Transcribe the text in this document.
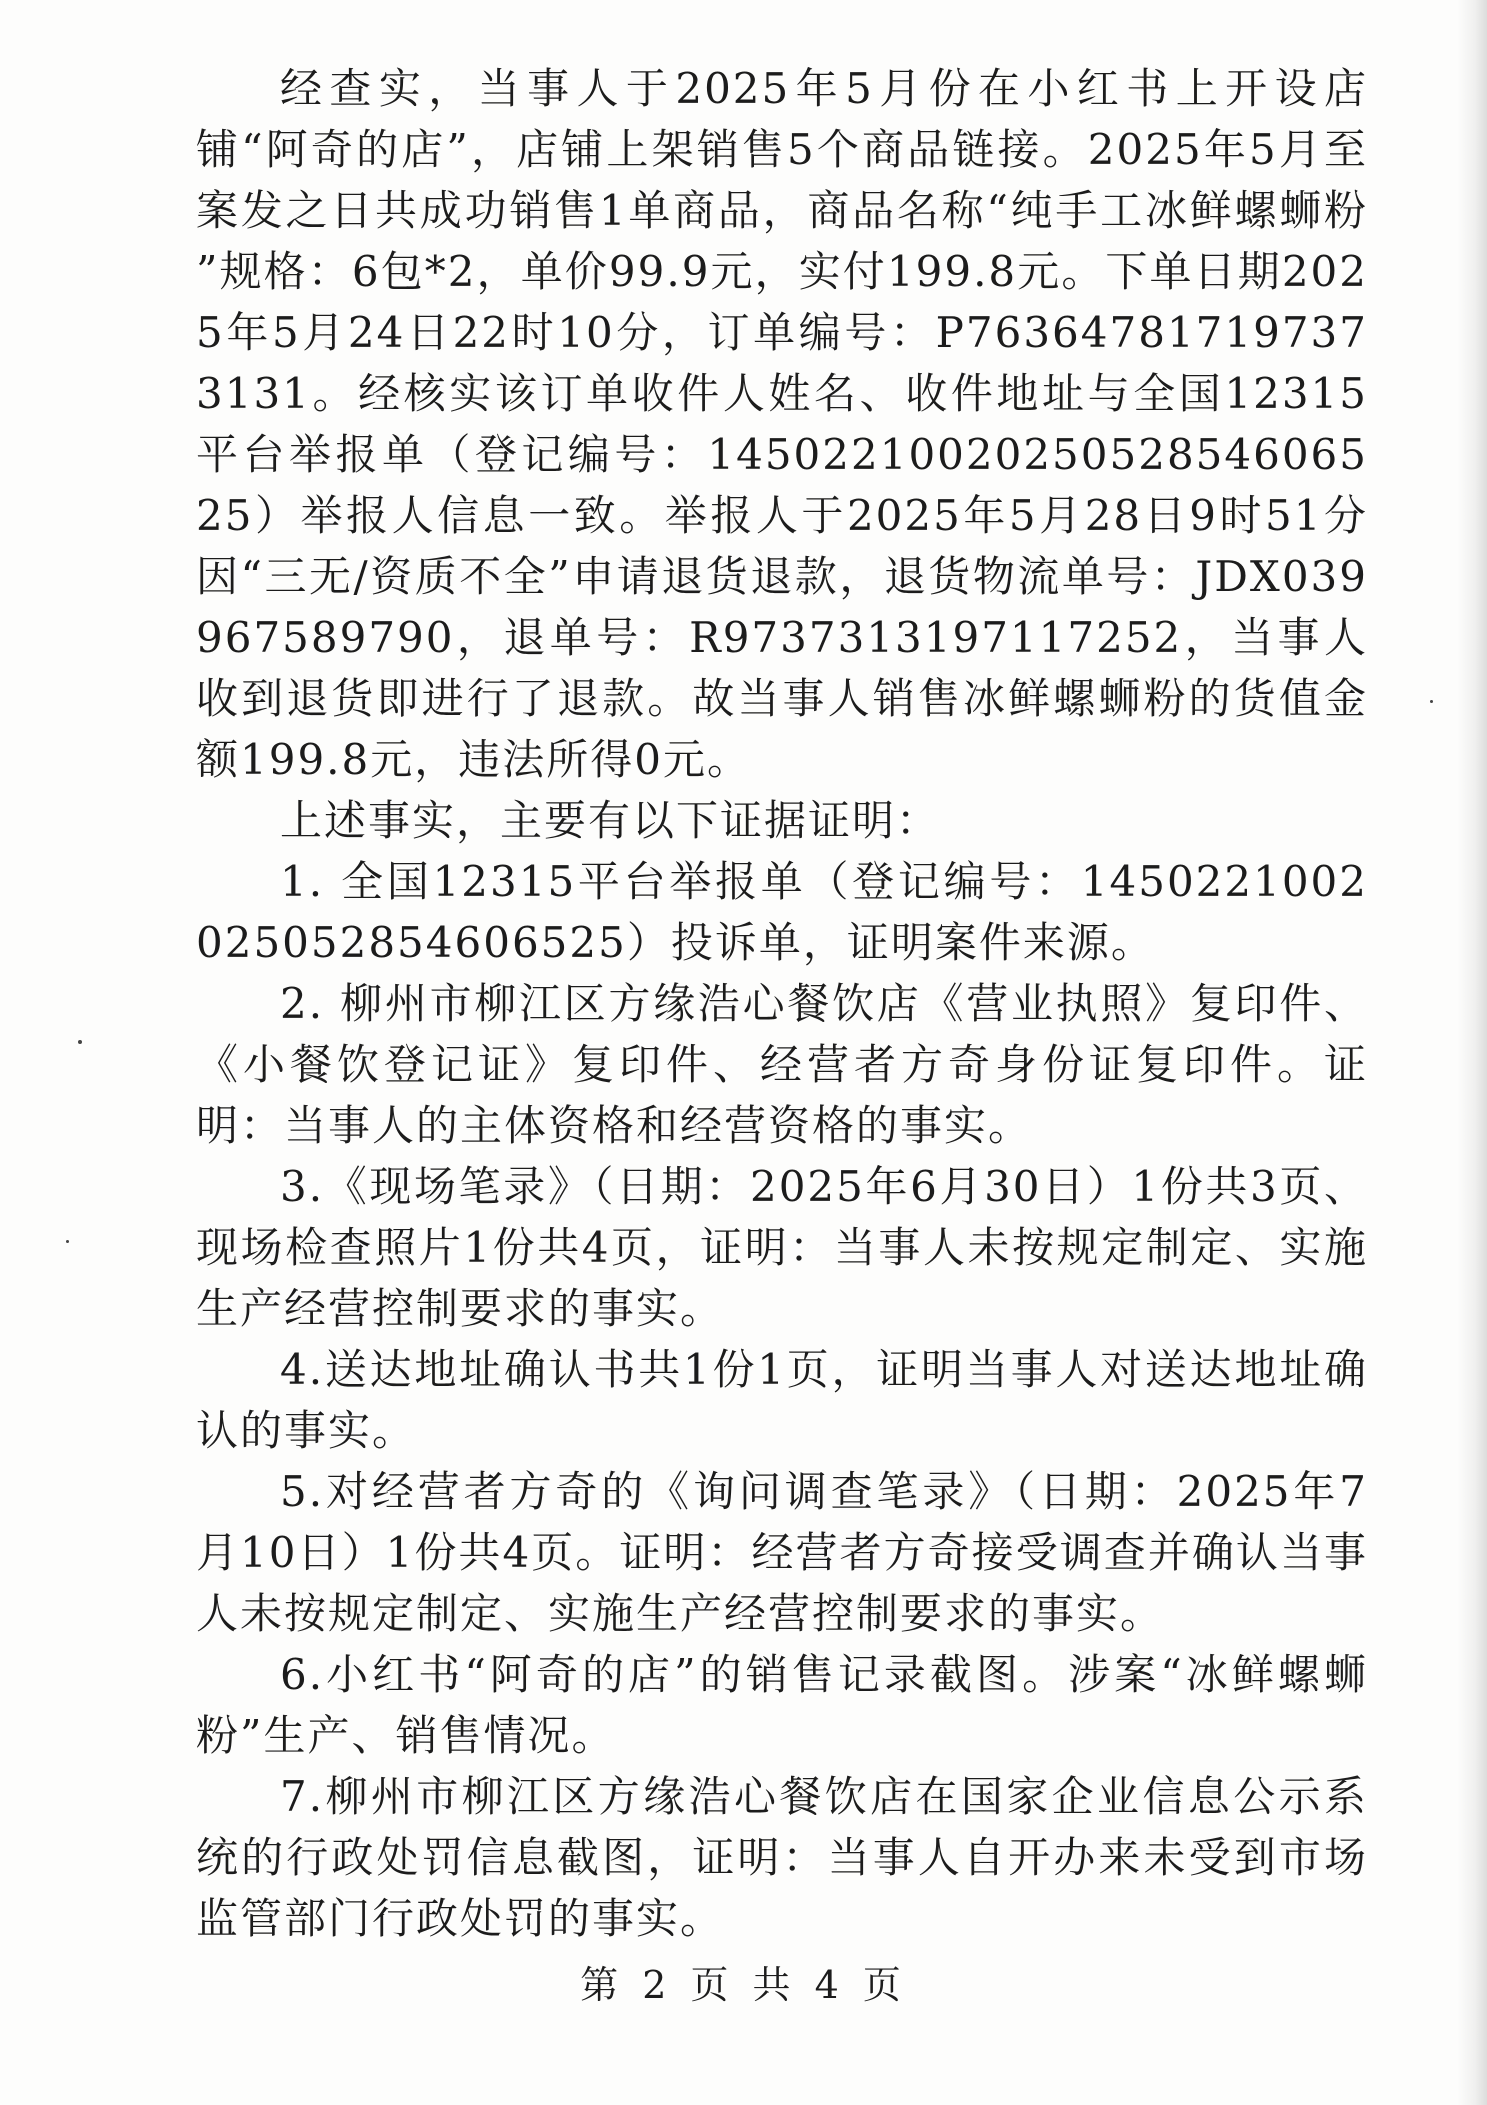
经查实，当事人于2025年5月份在小红书上开设店铺“阿奇的店”，店铺上架销售5个商品链接。2025年5月至案发之日共成功销售1单商品，商品名称“纯手工冰鲜螺蛳粉 ”规格：6包*2，单价99.9元，实付199.8元。下单日期2025年5月24日22时10分，订单编号：P763647817197373131。经核实该订单收件人姓名、收件地址与全国12315平台举报单（登记编号：1450221002025052854606525）举报人信息一致。举报人于2025年5月28日9时51分因“三无/资质不全”申请退货退款，退货物流单号：JDX039967589790，退单号：R9737313197117252，当事人收到退货即进行了退款。故当事人销售冰鲜螺蛳粉的货值金额199.8元，违法所得0元。

上述事实，主要有以下证据证明：

1. 全国12315平台举报单（登记编号：1450221002025052854606525）投诉单，证明案件来源。

2. 柳州市柳江区方缘浩心餐饮店《营业执照》复印件、《小餐饮登记证》复印件、经营者方奇身份证复印件。证明：当事人的主体资格和经营资格的事实。

3.《现场笔录》（日期：2025年6月30日）1份共3页、现场检查照片1份共4页，证明：当事人未按规定制定、实施生产经营控制要求的事实。

4.送达地址确认书共1份1页，证明当事人对送达地址确认的事实。

5.对经营者方奇的《询问调查笔录》（日期：2025年7月10日）1份共4页。证明：经营者方奇接受调查并确认当事人未按规定制定、实施生产经营控制要求的事实。

6.小红书“阿奇的店”的销售记录截图。涉案“冰鲜螺蛳粉”生产、销售情况。

7.柳州市柳江区方缘浩心餐饮店在国家企业信息公示系统的行政处罚信息截图，证明：当事人自开办来未受到市场监管部门行政处罚的事实。

第 2 页 共 4 页
